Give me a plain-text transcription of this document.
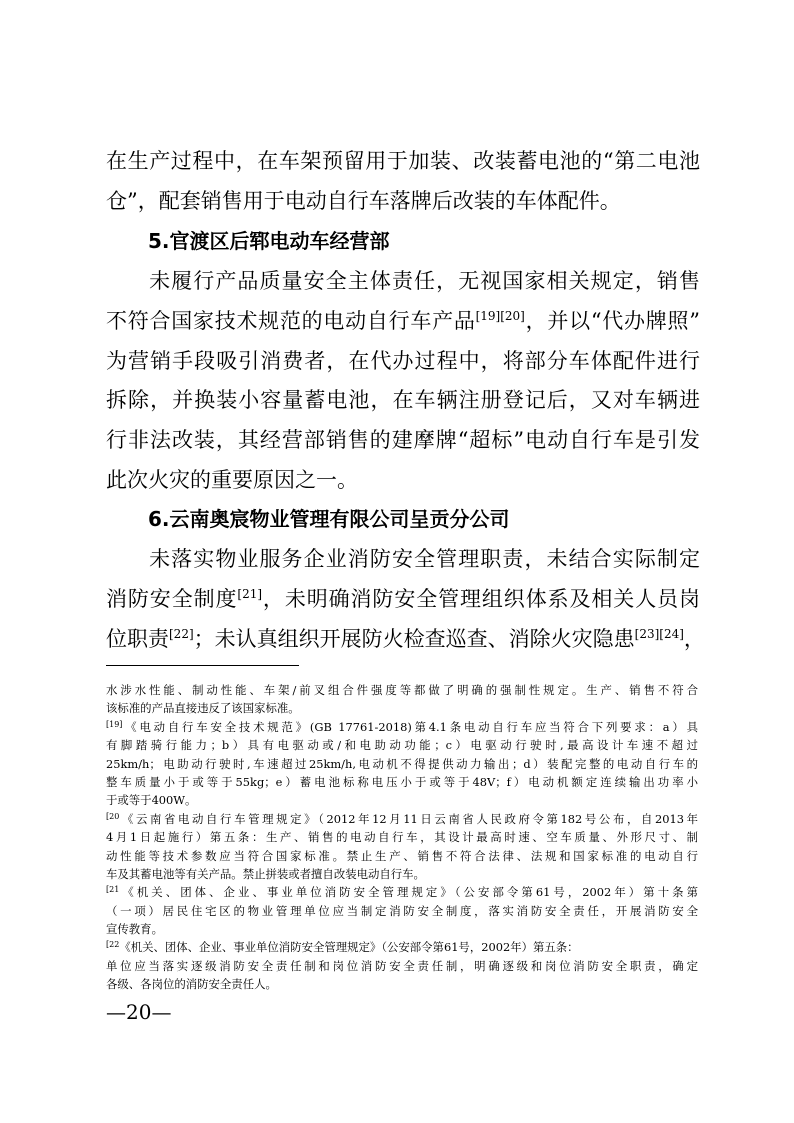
在生产过程中，在车架预留用于加装、改装蓄电池的“第二电池
仓”，配套销售用于电动自行车落牌后改装的车体配件。
5.官渡区后郓电动车经营部
未履行产品质量安全主体责任，无视国家相关规定，销售
不符合国家技术规范的电动自行车产品[19][20]，并以“代办牌照”
为营销手段吸引消费者，在代办过程中，将部分车体配件进行
拆除，并换装小容量蓄电池，在车辆注册登记后，又对车辆进
行非法改装，其经营部销售的建摩牌“超标”电动自行车是引发
此次火灾的重要原因之一。
6.云南奥宸物业管理有限公司呈贡分公司
未落实物业服务企业消防安全管理职责，未结合实际制定
消防安全制度[21]，未明确消防安全管理组织体系及相关人员岗
位职责[22]；未认真组织开展防火检查巡查、消除火灾隐患[23][24]，
水涉水性能、制动性能、车架/前叉组合件强度等都做了明确的强制性规定。生产、销售不符合
该标准的产品直接违反了该国家标准。
[19]《电动自行车安全技术规范》(GB 17761-2018)第4.1条电动自行车应当符合下列要求：a）具
有脚踏骑行能力；b）具有电驱动或/和电助动功能；c）电驱动行驶时,最高设计车速不超过
25km/h；电助动行驶时,车速超过25km/h,电动机不得提供动力输出；d）装配完整的电动自行车的
整车质量小于或等于55kg；e）蓄电池标称电压小于或等于48V；f）电动机额定连续输出功率小
于或等于400W。
$^{[20}$《云南省电动自行车管理规定》（2012年12月11日云南省人民政府令第182号公布，自2013年
4月1日起施行）第五条：生产、销售的电动自行车，其设计最高时速、空车质量、外形尺寸、制
动性能等技术参数应当符合国家标准。禁止生产、销售不符合法律、法规和国家标准的电动自行
车及其蓄电池等有关产品。禁止拼装或者擅自改装电动自行车。
$^{[21}$《机关、团体、企业、事业单位消防安全管理规定》（公安部令第61号，2002年）第十条第
（一项）居民住宅区的物业管理单位应当制定消防安全制度，落实消防安全责任，开展消防安全
宣传教育。
$^{[22}$《机关、团体、企业、事业单位消防安全管理规定》（公安部令第61号，2002年）第五条：
单位应当落实逐级消防安全责任制和岗位消防安全责任制，明确逐级和岗位消防安全职责，确定
各级、各岗位的消防安全责任人。
—20—
